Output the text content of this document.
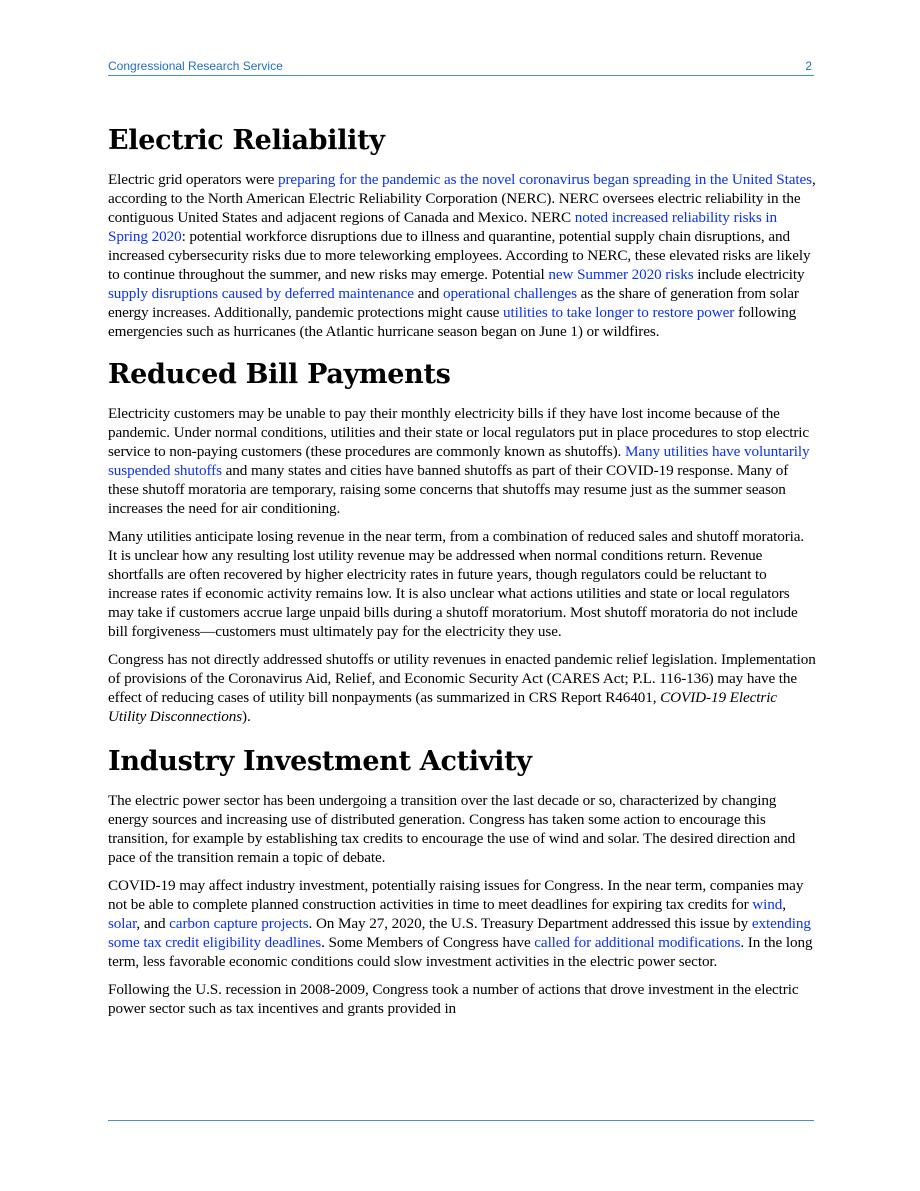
Congressional Research Service	2
Electric Reliability

Electric grid operators were preparing for the pandemic as the novel coronavirus began spreading in the United States, according to the North American Electric Reliability Corporation (NERC). NERC oversees electric reliability in the contiguous United States and adjacent regions of Canada and Mexico. NERC noted increased reliability risks in Spring 2020: potential workforce disruptions due to illness and quarantine, potential supply chain disruptions, and increased cybersecurity risks due to more teleworking employees. According to NERC, these elevated risks are likely to continue throughout the summer, and new risks may emerge. Potential new Summer 2020 risks include electricity supply disruptions caused by deferred maintenance and operational challenges as the share of generation from solar energy increases. Additionally, pandemic protections might cause utilities to take longer to restore power following emergencies such as hurricanes (the Atlantic hurricane season began on June 1) or wildfires.

Reduced Bill Payments

Electricity customers may be unable to pay their monthly electricity bills if they have lost income because of the pandemic. Under normal conditions, utilities and their state or local regulators put in place procedures to stop electric service to non-paying customers (these procedures are commonly known as shutoffs). Many utilities have voluntarily suspended shutoffs and many states and cities have banned shutoffs as part of their COVID-19 response. Many of these shutoff moratoria are temporary, raising some concerns that shutoffs may resume just as the summer season increases the need for air conditioning.

Many utilities anticipate losing revenue in the near term, from a combination of reduced sales and shutoff moratoria. It is unclear how any resulting lost utility revenue may be addressed when normal conditions return. Revenue shortfalls are often recovered by higher electricity rates in future years, though regulators could be reluctant to increase rates if economic activity remains low. It is also unclear what actions utilities and state or local regulators may take if customers accrue large unpaid bills during a shutoff moratorium. Most shutoff moratoria do not include bill forgiveness—customers must ultimately pay for the electricity they use.

Congress has not directly addressed shutoffs or utility revenues in enacted pandemic relief legislation. Implementation of provisions of the Coronavirus Aid, Relief, and Economic Security Act (CARES Act; P.L. 116-136) may have the effect of reducing cases of utility bill nonpayments (as summarized in CRS Report R46401, COVID-19 Electric Utility Disconnections).

Industry Investment Activity

The electric power sector has been undergoing a transition over the last decade or so, characterized by changing energy sources and increasing use of distributed generation. Congress has taken some action to encourage this transition, for example by establishing tax credits to encourage the use of wind and solar. The desired direction and pace of the transition remain a topic of debate.

COVID-19 may affect industry investment, potentially raising issues for Congress. In the near term, companies may not be able to complete planned construction activities in time to meet deadlines for expiring tax credits for wind, solar, and carbon capture projects. On May 27, 2020, the U.S. Treasury Department addressed this issue by extending some tax credit eligibility deadlines. Some Members of Congress have called for additional modifications. In the long term, less favorable economic conditions could slow investment activities in the electric power sector.

Following the U.S. recession in 2008-2009, Congress took a number of actions that drove investment in the electric power sector such as tax incentives and grants provided in
